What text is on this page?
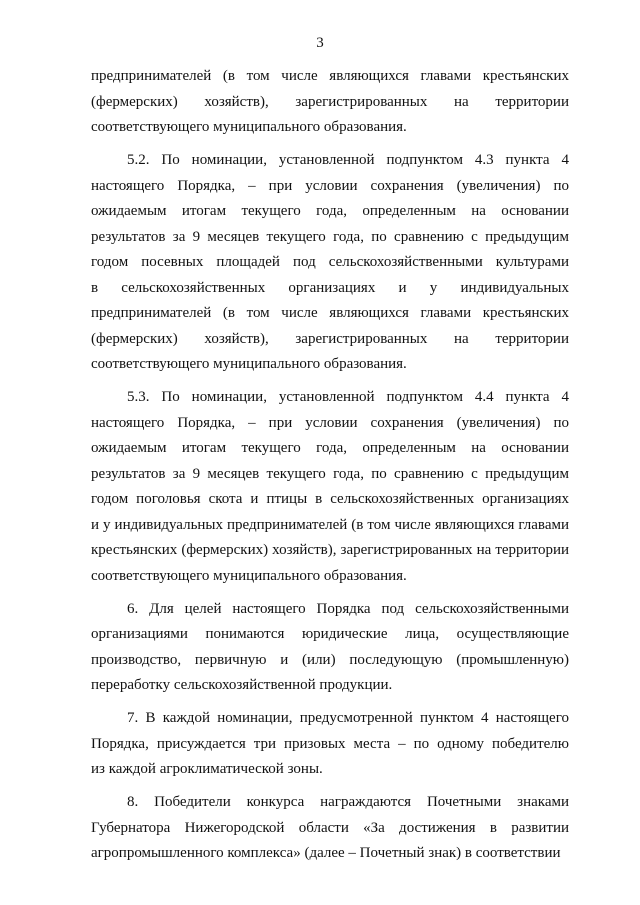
3
предпринимателей (в том числе являющихся главами крестьянских
(фермерских) хозяйств), зарегистрированных на территории
соответствующего муниципального образования.
5.2. По номинации, установленной подпунктом 4.3 пункта 4
настоящего Порядка, – при условии сохранения (увеличения) по
ожидаемым итогам текущего года, определенным на основании
результатов за 9 месяцев текущего года, по сравнению с предыдущим
годом посевных площадей под сельскохозяйственными культурами
в сельскохозяйственных организациях и у индивидуальных
предпринимателей (в том числе являющихся главами крестьянских
(фермерских) хозяйств), зарегистрированных на территории
соответствующего муниципального образования.
5.3. По номинации, установленной подпунктом 4.4 пункта 4
настоящего Порядка, – при условии сохранения (увеличения) по
ожидаемым итогам текущего года, определенным на основании
результатов за 9 месяцев текущего года, по сравнению с предыдущим
годом поголовья скота и птицы в сельскохозяйственных организациях
и у индивидуальных предпринимателей (в том числе являющихся главами
крестьянских (фермерских) хозяйств), зарегистрированных на территории
соответствующего муниципального образования.
6. Для целей настоящего Порядка под сельскохозяйственными
организациями понимаются юридические лица, осуществляющие
производство, первичную и (или) последующую (промышленную)
переработку сельскохозяйственной продукции.
7. В каждой номинации, предусмотренной пунктом 4 настоящего
Порядка, присуждается три призовых места – по одному победителю
из каждой агроклиматической зоны.
8. Победители конкурса награждаются Почетными знаками
Губернатора Нижегородской области «За достижения в развитии
агропромышленного комплекса» (далее – Почетный знак) в соответствии
